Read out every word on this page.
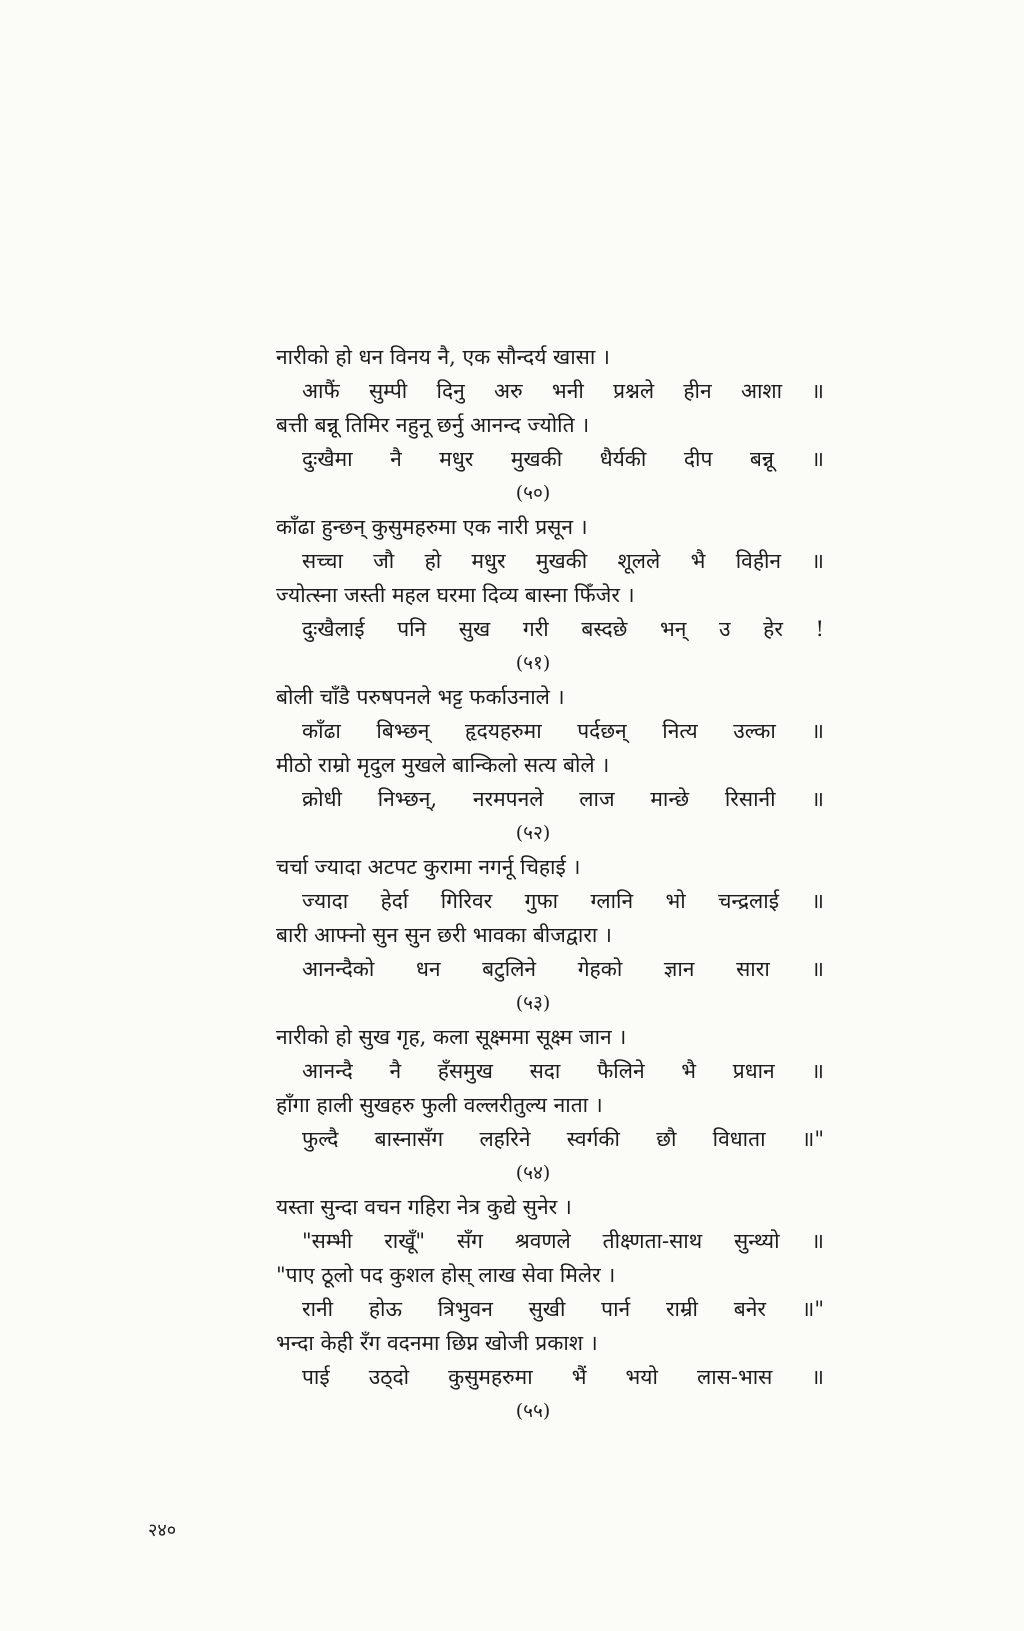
नारीको हो धन विनय नै, एक सौन्दर्य खासा ।
आफैं सुम्पी दिनु अरु भनी प्रश्नले हीन आशा ॥
बत्ती बन्नू तिमिर नहुनू छर्नु आनन्द ज्योति ।
दुःखैमा नै मधुर मुखकी धैर्यकी दीप बन्नू ॥
(५०)
काँढा हुन्छन् कुसुमहरुमा एक नारी प्रसून ।
सच्चा जौ हो मधुर मुखकी शूलले भै विहीन ॥
ज्योत्स्ना जस्ती महल घरमा दिव्य बास्ना फिँजेर ।
दुःखैलाई पनि सुख गरी बस्दछे भन् उ हेर !
(५१)
बोली चाँडै परुषपनले भट्ट फर्काउनाले ।
काँढा बिभ्छन् हृदयहरुमा पर्दछन् नित्य उल्का ॥
मीठो राम्रो मृदुल मुखले बान्किलो सत्य बोले ।
क्रोधी निभ्छन्, नरमपनले लाज मान्छे रिसानी ॥
(५२)
चर्चा ज्यादा अटपट कुरामा नगर्नू चिहाई ।
ज्यादा हेर्दा गिरिवर गुफा ग्लानि भो चन्द्रलाई ॥
बारी आफ्नो सुन सुन छरी भावका बीजद्वारा ।
आनन्दैको धन बटुलिने गेहको ज्ञान सारा ॥
(५३)
नारीको हो सुख गृह, कला सूक्ष्ममा सूक्ष्म जान ।
आनन्दै नै हँसमुख सदा फैलिने भै प्रधान ॥
हाँगा हाली सुखहरु फुली वल्लरीतुल्य नाता ।
फुल्दै बास्नासँग लहरिने स्वर्गकी छौ विधाता ॥"
(५४)
यस्ता सुन्दा वचन गहिरा नेत्र कुद्ये सुनेर ।
"सम्भी राखूँ" सँग श्रवणले तीक्ष्णता-साथ सुन्थ्यो ॥
"पाए ठूलो पद कुशल होस् लाख सेवा मिलेर ।
रानी होऊ त्रिभुवन सुखी पार्न राम्री बनेर ॥"
भन्दा केही रँग वदनमा छिप्न खोजी प्रकाश ।
पाई उठ्दो कुसुमहरुमा भैं भयो लास-भास ॥
(५५)
२४०
